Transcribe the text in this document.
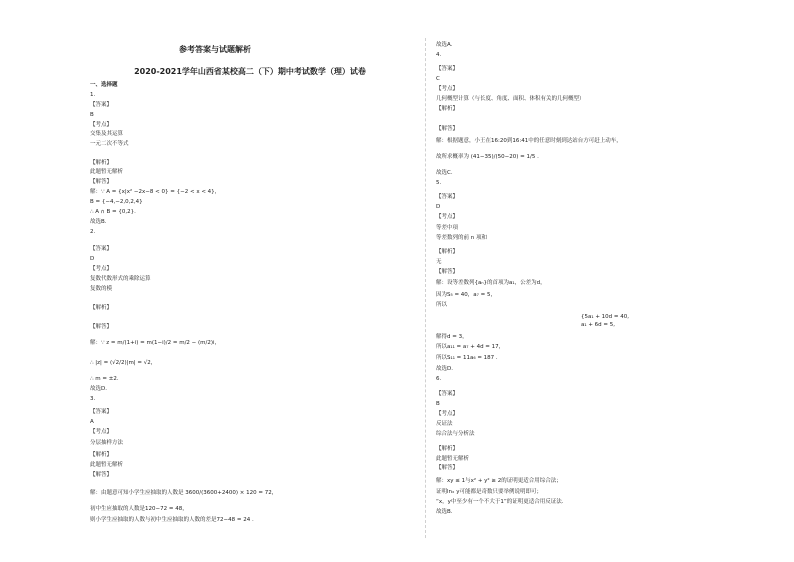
参考答案与试题解析
2020-2021学年山西省某校高二（下）期中考试数学（理）试卷
一、选择题
1.
【答案】
B
【考点】
交集及其运算
一元二次不等式
【解析】
此题暂无解析
【解答】
解：∵ A = {x|x² −2x−8 < 0} = {−2 < x < 4}，
B = {−4,−2,0,2,4}
∴ A ∩ B = {0,2}.
故选B.
2.
【答案】
D
【考点】
复数代数形式的乘除运算
复数的模
【解析】
【解答】
解：∵ z = m/(1+i) = m(1−i)/2 = m/2 − (m/2)i，
∴ |z| = (√2/2)|m| = √2，
∴ m = ±2.
故选D.
3.
【答案】
A
【考点】
分层抽样方法
【解析】
此题暂无解析
【解答】
解：由题意可知小学生应抽取的人数是 3600/(3600+2400) × 120 = 72，
初中生应抽取的人数是120−72 = 48，
则小学生应抽取的人数与初中生应抽取的人数的差是72−48 = 24 .
故选A.
4.
【答案】
C
【考点】
几何概型计算（与长度、角度、面积、体积有关的几何概型）
【解析】
【解答】
解：根据题意，小王在16:20到16:41中的任意时刻到达站台方可赶上动车，
故所求概率为 (41−35)/(50−20) = 1/5 .
故选C.
5.
【答案】
D
【考点】
等差中项
等差数列的前 n 项和
【解析】
无
【解答】
解：设等差数列{aₙ}的首项为a₁，公差为d，
因为S₅ = 40，a₇ = 5，
所以
{5a₁ + 10d = 40,
a₁ + 6d = 5,
解得d = 3，
所以a₁₁ = a₇ + 4d = 17，
所以S₁₁ = 11a₆ = 187 .
故选D.
6.
【答案】
B
【考点】
反证法
综合法与分析法
【解析】
此题暂无解析
【解答】
解：xy ≤ 1与x² + y² ≥ 2的证明更适合用综合法；
证明lnₓ y可能都是奇数只要举例说明即可；
“x，y中至少有一个不大于1”的证明更适合用反证法.
故选B.
